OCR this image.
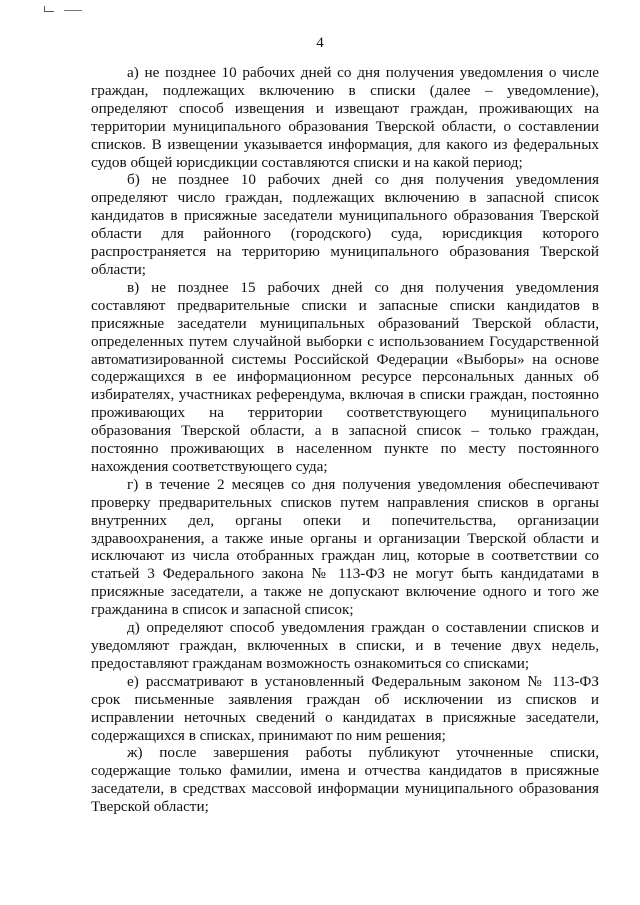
4

а) не позднее 10 рабочих дней со дня получения уведомления о числе граждан, подлежащих включению в списки (далее – уведомление), определяют способ извещения и извещают граждан, проживающих на территории муниципального образования Тверской области, о составлении списков. В извещении указывается информация, для какого из федеральных судов общей юрисдикции составляются списки и на какой период;

б) не позднее 10 рабочих дней со дня получения уведомления определяют число граждан, подлежащих включению в запасной список кандидатов в присяжные заседатели муниципального образования Тверской области для районного (городского) суда, юрисдикция которого распространяется на территорию муниципального образования Тверской области;

в) не позднее 15 рабочих дней со дня получения уведомления составляют предварительные списки и запасные списки кандидатов в присяжные заседатели муниципальных образований Тверской области, определенных путем случайной выборки с использованием Государственной автоматизированной системы Российской Федерации «Выборы» на основе содержащихся в ее информационном ресурсе персональных данных об избирателях, участниках референдума, включая в списки граждан, постоянно проживающих на территории соответствующего муниципального образования Тверской области, а в запасной список – только граждан, постоянно проживающих в населенном пункте по месту постоянного нахождения соответствующего суда;

г) в течение 2 месяцев со дня получения уведомления обеспечивают проверку предварительных списков путем направления списков в органы внутренних дел, органы опеки и попечительства, организации здравоохранения, а также иные органы и организации Тверской области и исключают из числа отобранных граждан лиц, которые в соответствии со статьей 3 Федерального закона № 113-ФЗ не могут быть кандидатами в присяжные заседатели, а также не допускают включение одного и того же гражданина в список и запасной список;

д) определяют способ уведомления граждан о составлении списков и уведомляют граждан, включенных в списки, и в течение двух недель, предоставляют гражданам возможность ознакомиться со списками;

е) рассматривают в установленный Федеральным законом № 113-ФЗ срок письменные заявления граждан об исключении из списков и исправлении неточных сведений о кандидатах в присяжные заседатели, содержащихся в списках, принимают по ним решения;

ж) после завершения работы публикуют уточненные списки, содержащие только фамилии, имена и отчества кандидатов в присяжные заседатели, в средствах массовой информации муниципального образования Тверской области;
